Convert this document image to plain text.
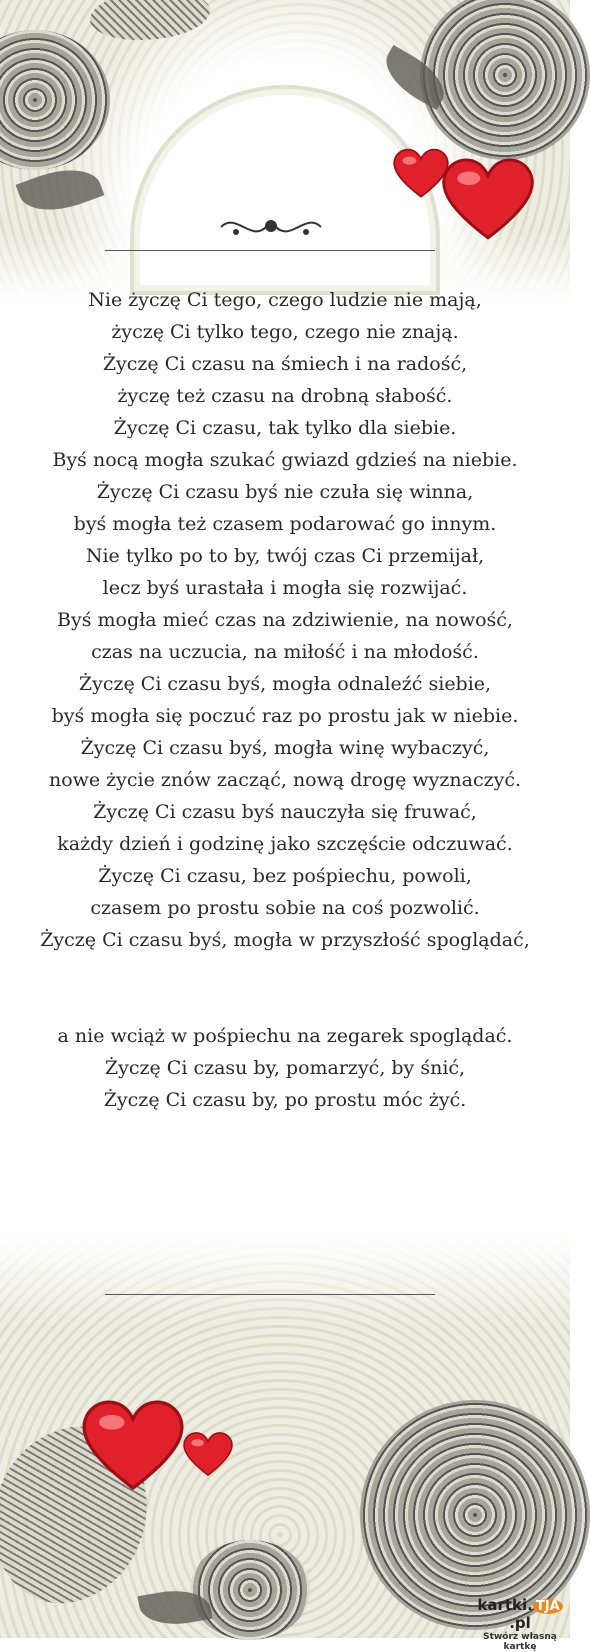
Nie życzę Ci tego, czego ludzie nie mają,
życzę Ci tylko tego, czego nie znają.
Życzę Ci czasu na śmiech i na radość,
życzę też czasu na drobną słabość.
Życzę Ci czasu, tak tylko dla siebie.
Byś nocą mogła szukać gwiazd gdzieś na niebie.
Życzę Ci czasu byś nie czuła się winna,
byś mogła też czasem podarować go innym.
Nie tylko po to by, twój czas Ci przemijał,
lecz byś urastała i mogła się rozwijać.
Byś mogła mieć czas na zdziwienie, na nowość,
czas na uczucia, na miłość i na młodość.
Życzę Ci czasu byś, mogła odnaleźć siebie,
byś mogła się poczuć raz po prostu jak w niebie.
Życzę Ci czasu byś, mogła winę wybaczyć,
nowe życie znów zacząć, nową drogę wyznaczyć.
Życzę Ci czasu byś nauczyła się fruwać,
każdy dzień i godzinę jako szczęście odczuwać.
Życzę Ci czasu, bez pośpiechu, powoli,
czasem po prostu sobie na coś pozwolić.
Życzę Ci czasu byś, mogła w przyszłość spoglądać,
a nie wciąż w pośpiechu na zegarek spoglądać.
Życzę Ci czasu by, pomarzyć, by śnić,
Życzę Ci czasu by, po prostu móc żyć.
kartki. TJA.pl
Stwórz własną kartkę
